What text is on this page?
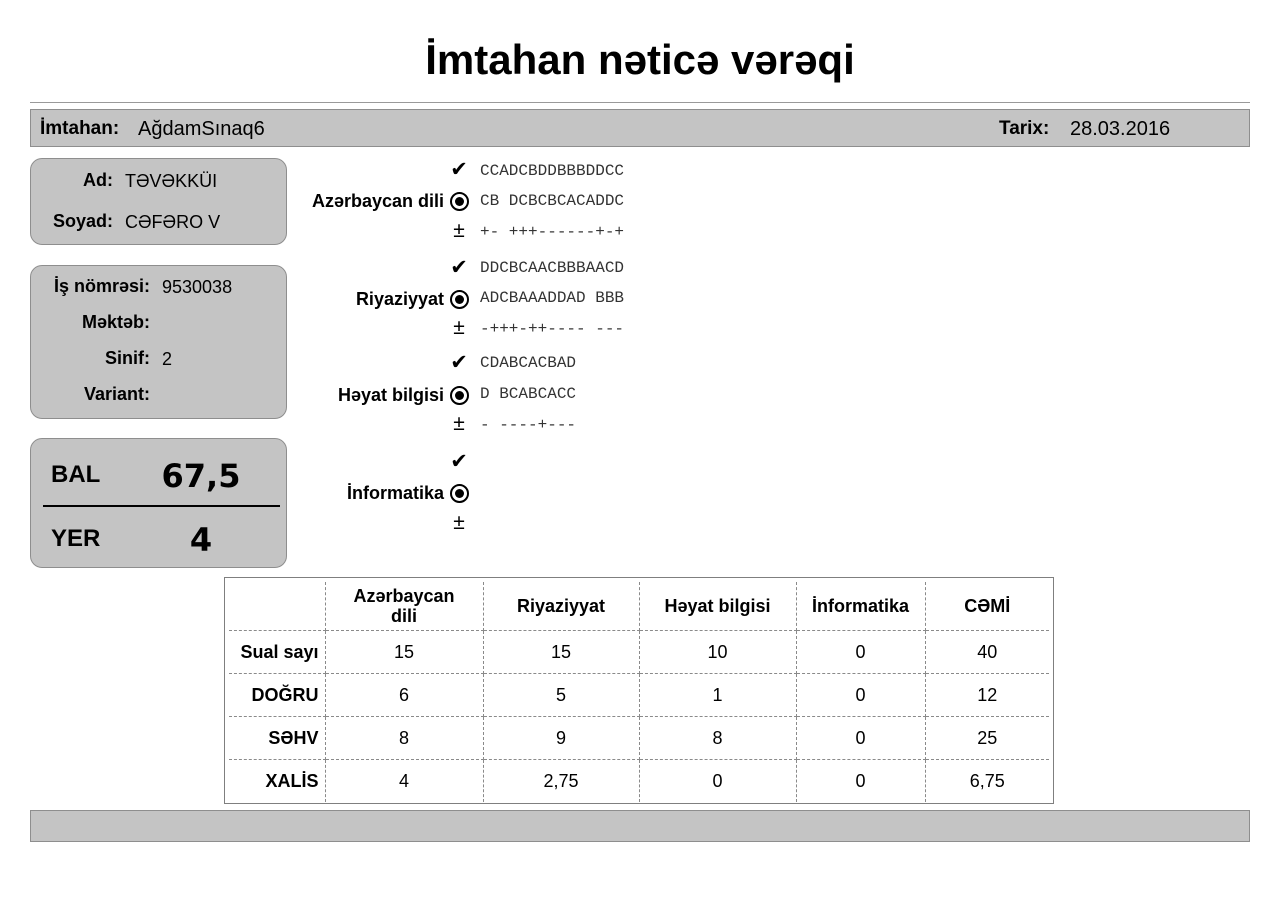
İmtahan nəticə vərəqi
İmtahan: AğdamSınaq6	Tarix: 28.03.2016
Ad: TƏVƏKKÜI
Soyad: CƏFƏRO V
İş nömrəsi: 9530038
Məktəb:
Sinif: 2
Variant:
BAL	67,5
YER	4
✔ CCADCBDDBBBDDCC
Azərbaycan dili CB DCBCBCACADDC
± +- +++------+-+
✔ DDCBCAACBBBAACD
Riyaziyyat ADCBAAADDAD BBB
± -+++-++---- ---
✔ CDABCACBAD
Həyat bilgisi D BCABCACC
± - ----+---
✔
İnformatika
±
	Azərbaycan dili	Riyaziyyat	Həyat bilgisi	İnformatika	CƏMİ
Sual sayı	15	15	10	0	40
DOĞRU	6	5	1	0	12
SƏHV	8	9	8	0	25
XALİS	4	2,75	0	0	6,75
